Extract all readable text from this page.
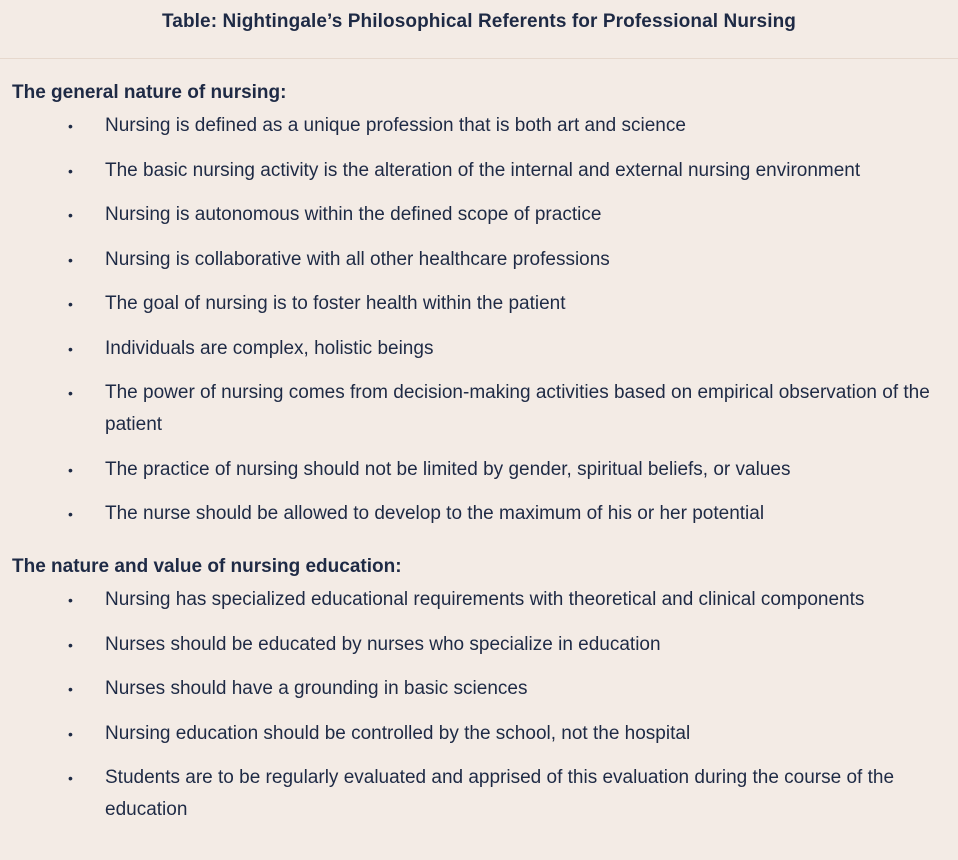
Table: Nightingale’s Philosophical Referents for Professional Nursing

The general nature of nursing:

• Nursing is defined as a unique profession that is both art and science
• The basic nursing activity is the alteration of the internal and external nursing environment
• Nursing is autonomous within the defined scope of practice
• Nursing is collaborative with all other healthcare professions
• The goal of nursing is to foster health within the patient
• Individuals are complex, holistic beings
• The power of nursing comes from decision-making activities based on empirical observation of the patient
• The practice of nursing should not be limited by gender, spiritual beliefs, or values
• The nurse should be allowed to develop to the maximum of his or her potential

The nature and value of nursing education:

• Nursing has specialized educational requirements with theoretical and clinical components
• Nurses should be educated by nurses who specialize in education
• Nurses should have a grounding in basic sciences
• Nursing education should be controlled by the school, not the hospital
• Students are to be regularly evaluated and apprised of this evaluation during the course of the education
